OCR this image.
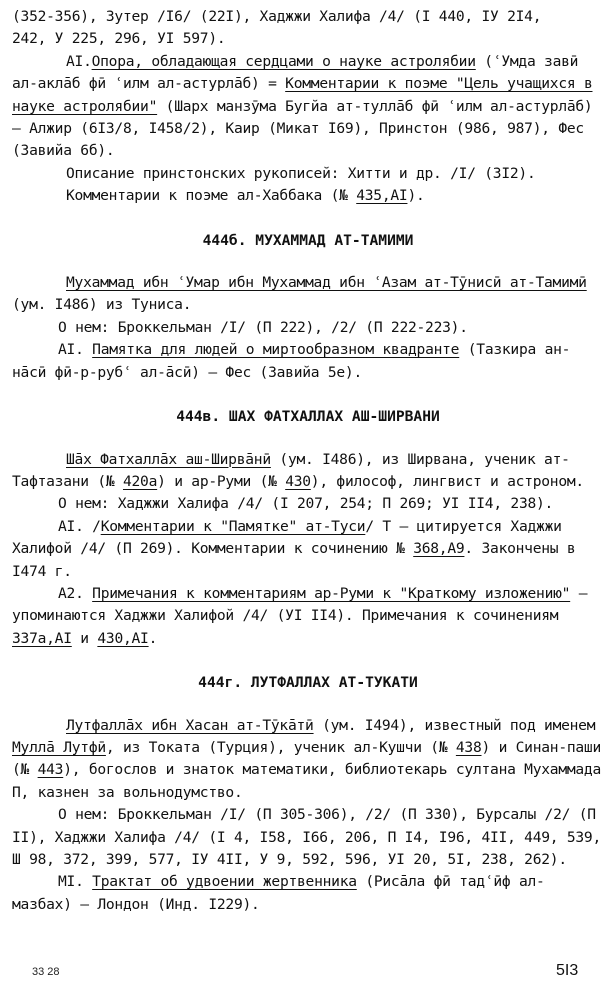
(352-356), Зутер /I6/ (22I), Хаджжи Халифа /4/ (I 440, IУ 2I4,
242, У 225, 296, УI 597).
AI.Опора, обладающая сердцами о науке астролябии (ʿУмда завӣ ал-аклāб фӣ ʿилм ал-астурлāб) = Комментарии к поэме "Цель учащихся в науке астролябии" (Шарх манзӯма Бугйа ат-туллāб фӣ ʿилм ал-астурлāб) – Алжир (6I3/8, I458/2), Каир (Микат I69), Принстон (986, 987), Фес (Завийа 6б).
Описание принстонских рукописей: Хитти и др. /I/ (3I2).
Комментарии к поэме ал-Хаббака (№ 435,AI).
444б. МУХАММАД АТ-ТАМИМИ
Мухаммад ибн ʿУмар ибн Мухаммад ибн ʿАзам ат-Тӯнисӣ ат-Тамимӣ (ум. I486) из Туниса.
О нем: Броккельман /I/ (П 222), /2/ (П 222-223).
AI. Памятка для людей о миртообразном квадранте (Тазкира ан-нāсӣ фӣ-р-рубʿ ал-āсӣ) – Фес (Завийа 5е).
444в. ШАХ ФАТХАЛЛАХ АШ-ШИРВАНИ
Шāх Фатхаллāх аш-Ширвāнӣ (ум. I486), из Ширвана, ученик ат-Тафтазани (№ 420а) и ар-Руми (№ 430), философ, лингвист и астроном.
О нем: Хаджжи Халифа /4/ (I 207, 254; П 269; УI II4, 238).
AI. /Комментарии к "Памятке" ат-Туси/ Т – цитируется Хаджжи Халифой /4/ (П 269). Комментарии к сочинению № 368,А9. Закончены в I474 г.
А2. Примечания к комментариям ар-Руми к "Краткому изложению" – упоминаются Хаджжи Халифой /4/ (УI II4). Примечания к сочинениям 337а,AI и 430,AI.
444г. ЛУТФАЛЛАХ АТ-ТУКАТИ
Лутфаллāх ибн Хасан ат-Тӯкāтӣ (ум. I494), известный под именем Муллā Лутфӣ, из Токата (Турция), ученик ал-Кушчи (№ 438) и Синан-паши (№ 443), богослов и знаток математики, библиотекарь султана Мухаммада П, казнен за вольнодумство.
О нем: Броккельман /I/ (П 305-306), /2/ (П 330), Бурсалы /2/ (П II), Хаджжи Халифа /4/ (I 4, I58, I66, 206, П I4, I96, 4II, 449, 539, Ш 98, 372, 399, 577, IУ 4II, У 9, 592, 596, УI 20, 5I, 238, 262).
МI. Трактат об удвоении жертвенника (Рисāла фӣ тадʿӣф ал-мазбах) – Лондон (Инд. I229).
33 28	5I3
